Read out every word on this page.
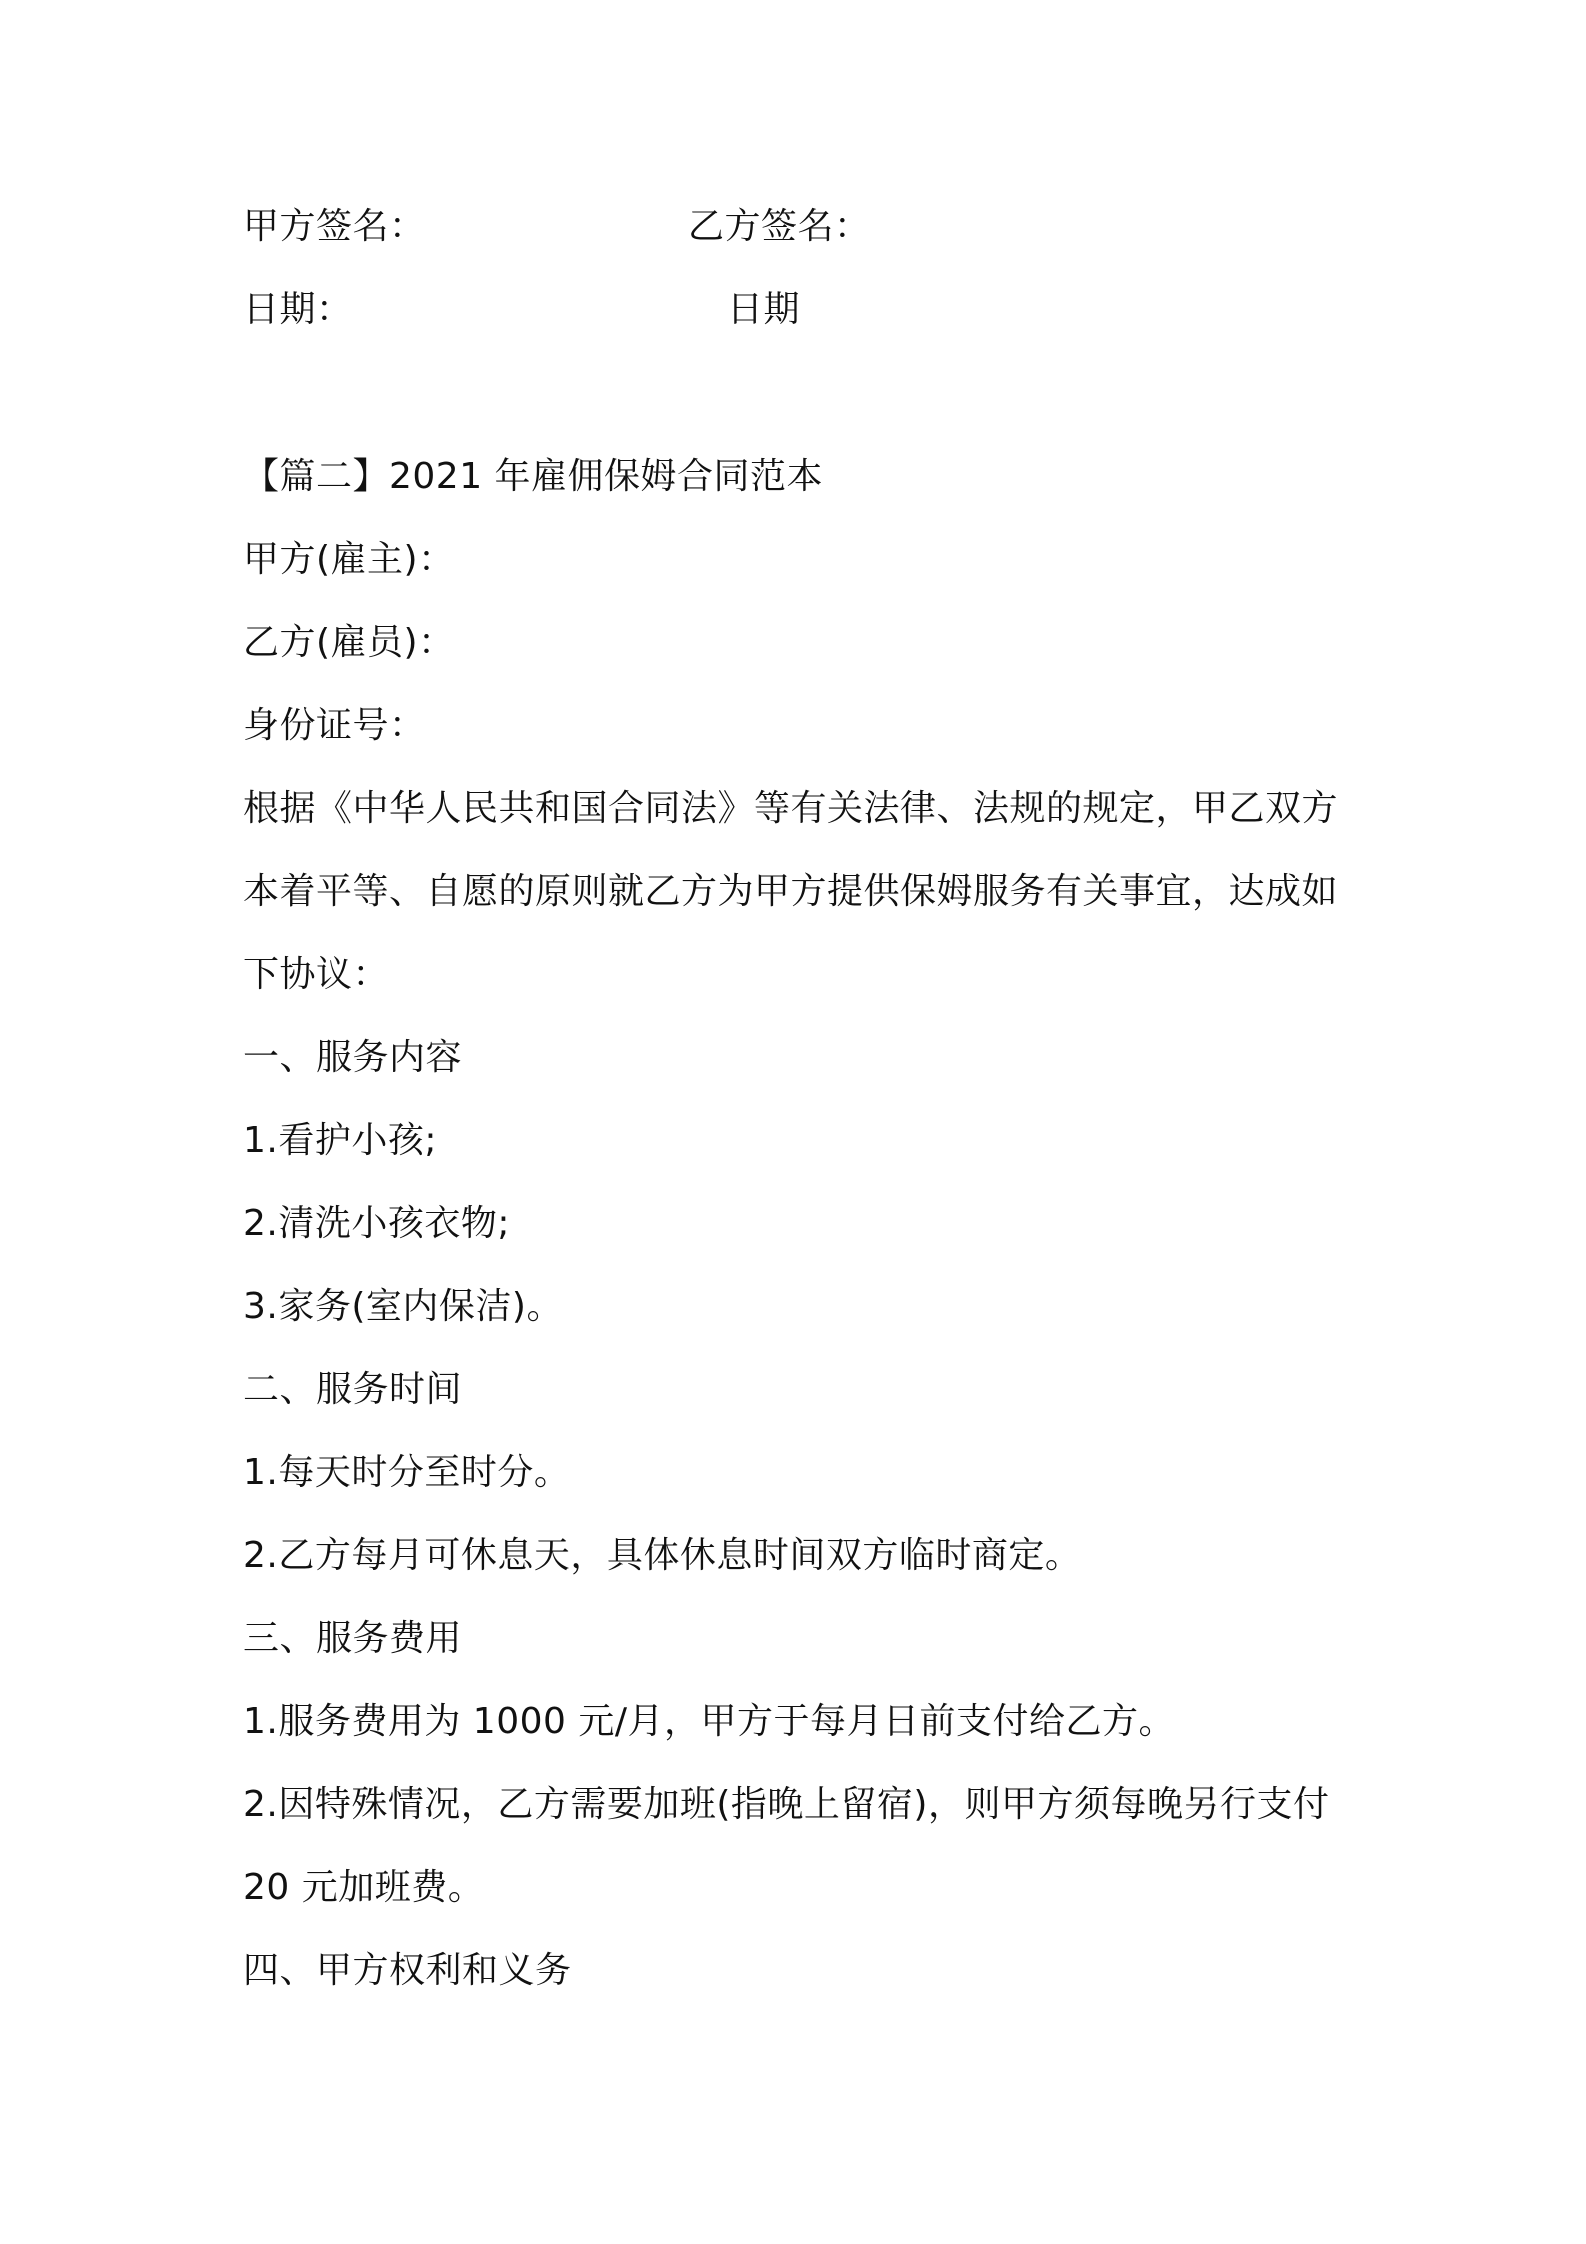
甲方签名：	乙方签名：
日期：	日期
【篇二】2021 年雇佣保姆合同范本
甲方(雇主)：
乙方(雇员)：
身份证号：
根据《中华人民共和国合同法》等有关法律、法规的规定，甲乙双方
本着平等、自愿的原则就乙方为甲方提供保姆服务有关事宜，达成如
下协议：
一、服务内容
1.看护小孩;
2.清洗小孩衣物;
3.家务(室内保洁)。
二、服务时间
1.每天时分至时分。
2.乙方每月可休息天，具体休息时间双方临时商定。
三、服务费用
1.服务费用为 1000 元/月，甲方于每月日前支付给乙方。
2.因特殊情况，乙方需要加班(指晚上留宿)，则甲方须每晚另行支付
20 元加班费。
四、甲方权利和义务
